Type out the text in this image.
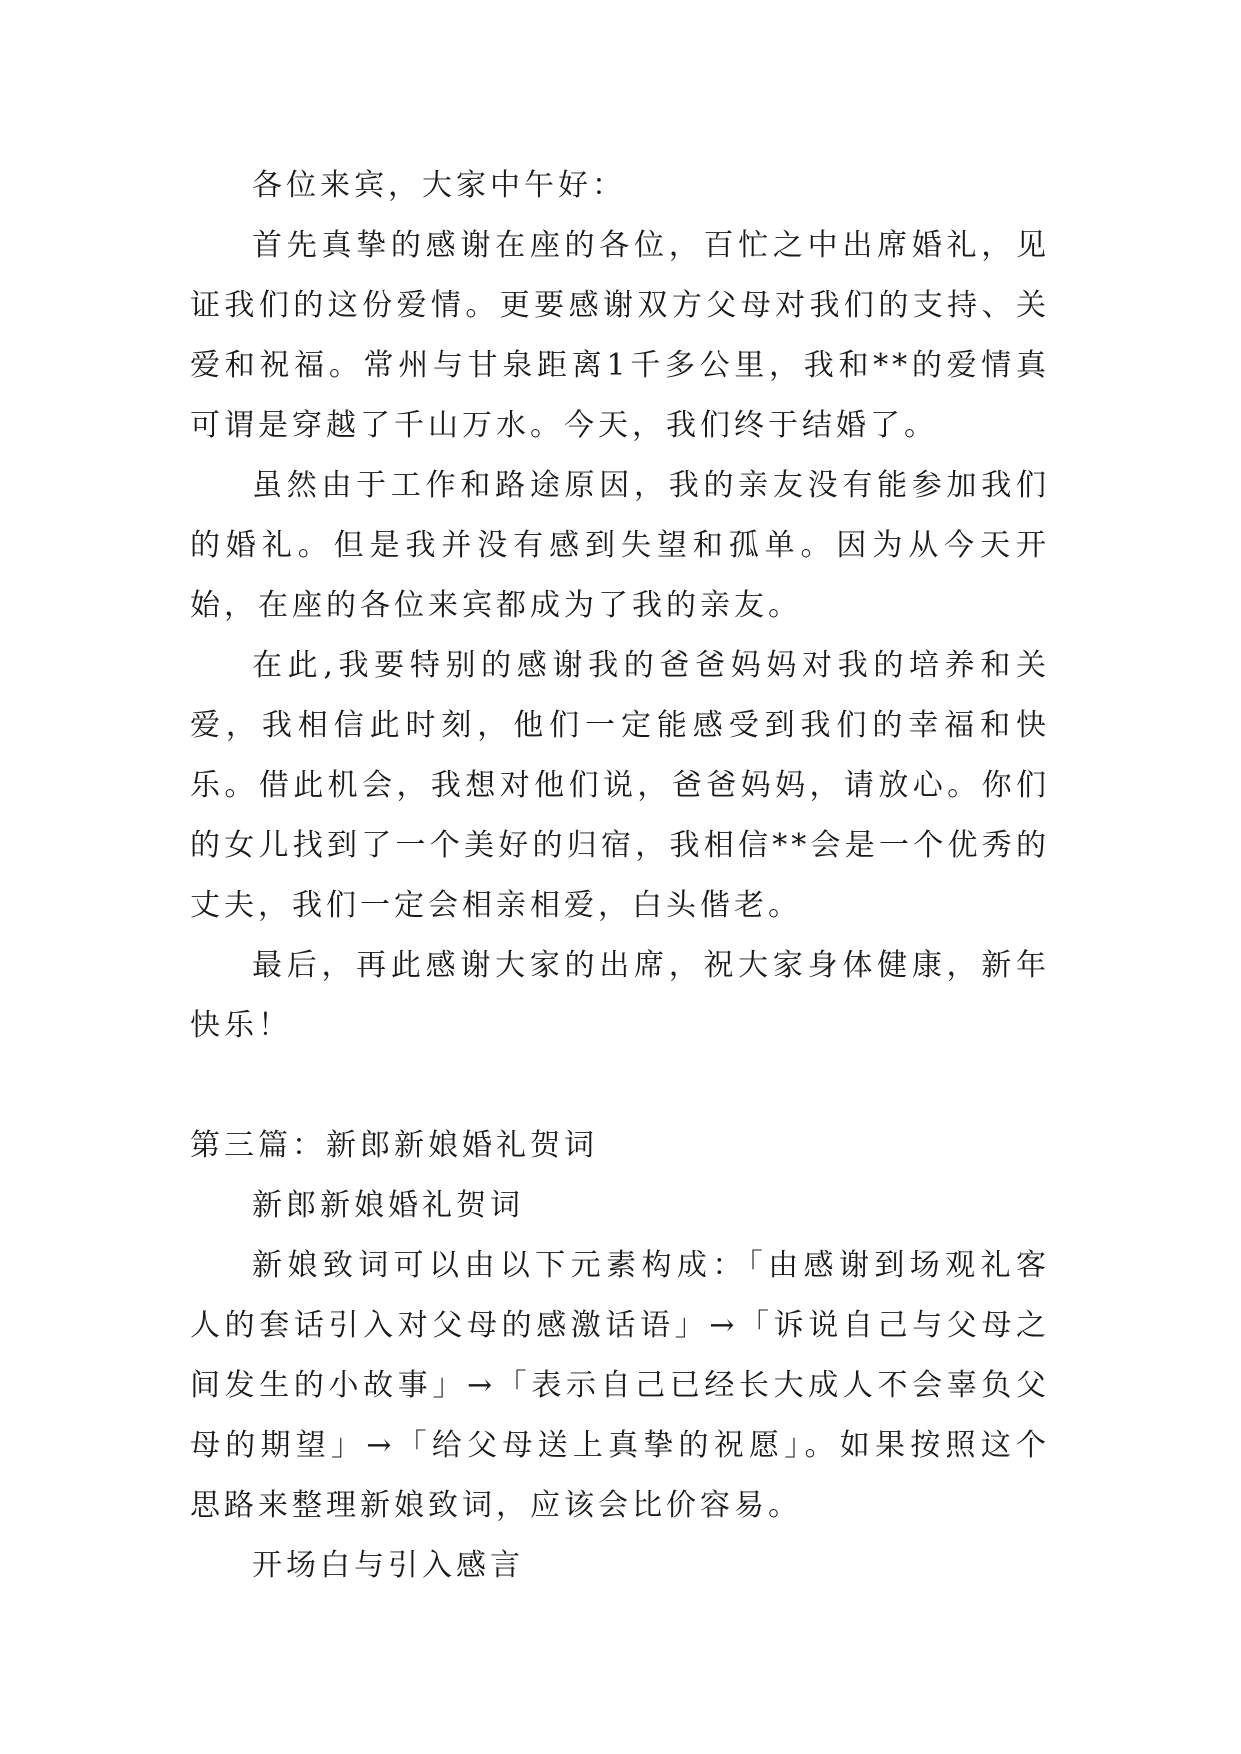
各位来宾，大家中午好：

首先真挚的感谢在座的各位，百忙之中出席婚礼，见证我们的这份爱情。更要感谢双方父母对我们的支持、关爱和祝福。常州与甘泉距离1千多公里，我和**的爱情真可谓是穿越了千山万水。今天，我们终于结婚了。

虽然由于工作和路途原因，我的亲友没有能参加我们的婚礼。但是我并没有感到失望和孤单。因为从今天开始，在座的各位来宾都成为了我的亲友。

在此,我要特别的感谢我的爸爸妈妈对我的培养和关爱，我相信此时刻，他们一定能感受到我们的幸福和快乐。借此机会，我想对他们说，爸爸妈妈，请放心。你们的女儿找到了一个美好的归宿，我相信**会是一个优秀的丈夫，我们一定会相亲相爱，白头偕老。

最后，再此感谢大家的出席，祝大家身体健康，新年快乐！

第三篇：新郎新娘婚礼贺词

新郎新娘婚礼贺词

新娘致词可以由以下元素构成：「由感谢到场观礼客人的套话引入对父母的感激话语」→「诉说自己与父母之间发生的小故事」→「表示自己已经长大成人不会辜负父母的期望」→「给父母送上真挚的祝愿」。如果按照这个思路来整理新娘致词，应该会比价容易。

开场白与引入感言
